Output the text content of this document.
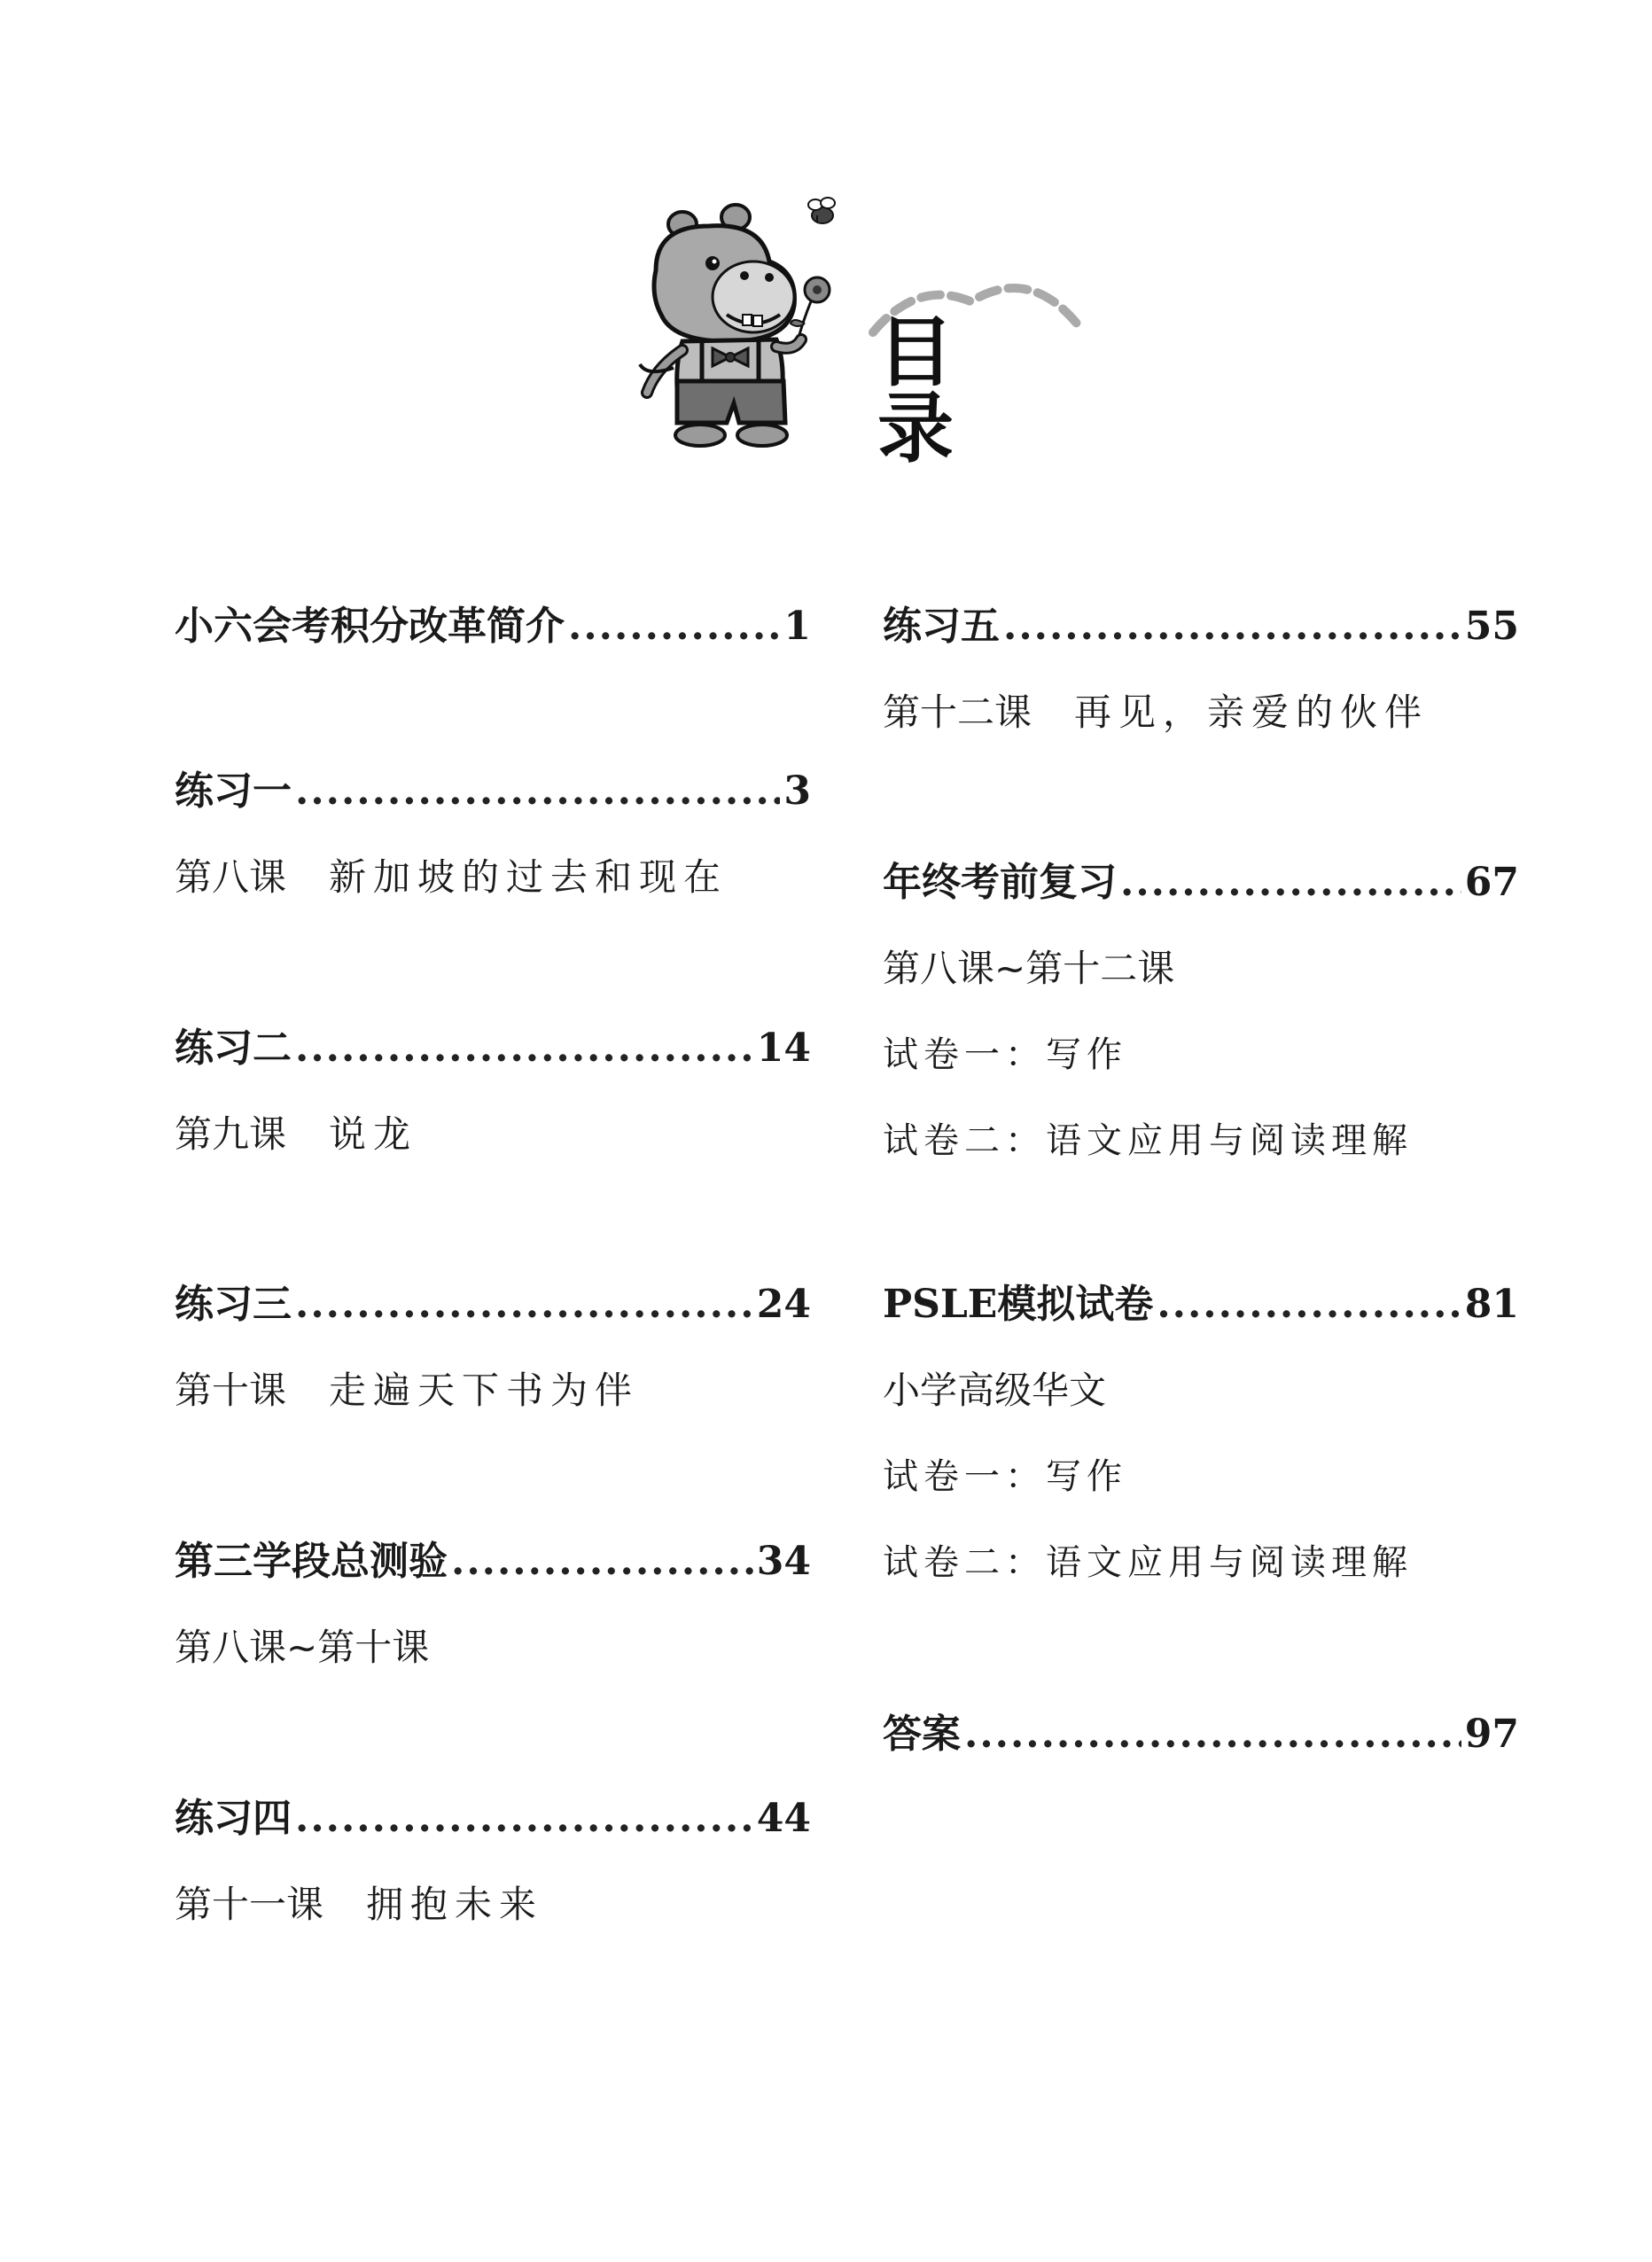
目 录
小六会考积分改革简介 .....	1
练习一 .....	3
第八课 新加坡的过去和现在
练习二 .....	14
第九课 说龙
练习三 .....	24
第十课 走遍天下书为伴
第三学段总测验 .....	34
第八课~第十课
练习四 .....	44
第十一课 拥抱未来
练习五 .....	55
第十二课 再见，亲爱的伙伴
年终考前复习 .....	67
第八课~第十二课
试卷一：写作
试卷二：语文应用与阅读理解
PSLE模拟试卷 .....	81
小学高级华文
试卷一：写作
试卷二：语文应用与阅读理解
答案 .....	97
